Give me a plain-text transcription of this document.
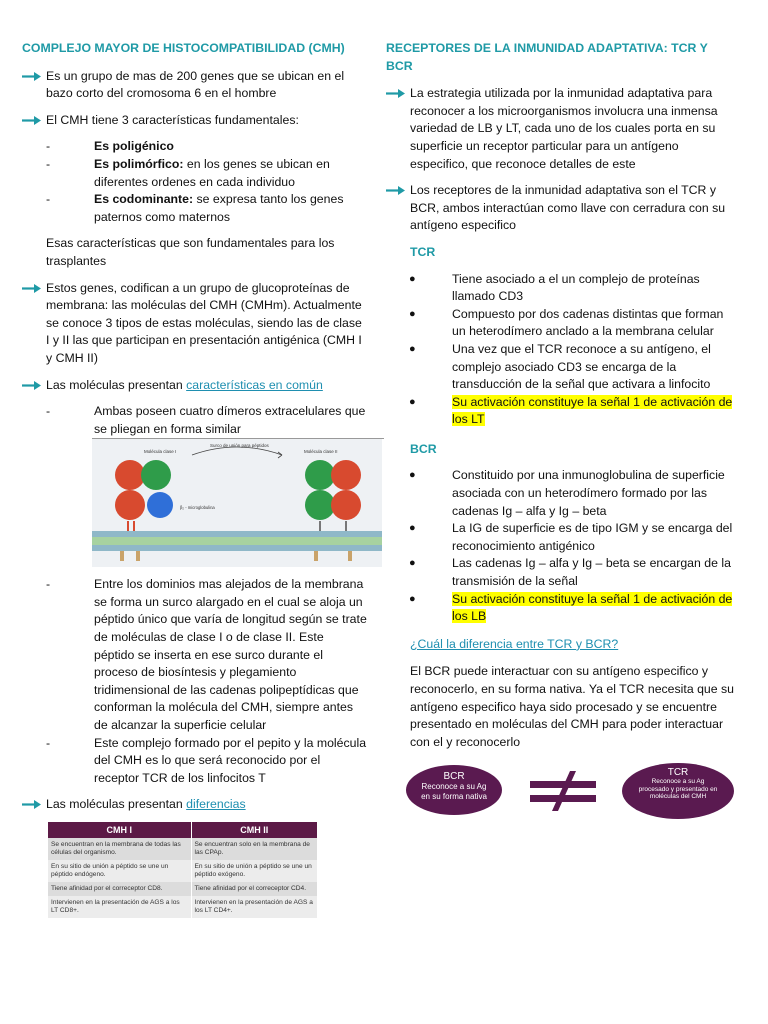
COMPLEJO MAYOR DE HISTOCOMPATIBILIDAD (CMH)
Es un grupo de mas de 200 genes que se ubican en el bazo corto del cromosoma 6 en el hombre
El CMH tiene 3 características fundamentales:
-	Es poligénico
-	Es polimórfico: en los genes se ubican en diferentes ordenes en cada individuo
-	Es codominante: se expresa tanto los genes paternos como maternos
Esas características que son fundamentales para los trasplantes
Estos genes, codifican a un grupo de glucoproteínas de membrana: las moléculas del CMH (CMHm). Actualmente se conoce 3 tipos de estas moléculas, siendo las de clase I y II las que participan en presentación antigénica (CMH I y CMH II)
Las moléculas presentan características en común
-	Ambas poseen cuatro dímeros extracelulares que se pliegan en forma similar
Molécula clase I
Surco de unión para péptidos
Molécula clase II
β₂ - microglobulina
-	Entre los dominios mas alejados de la membrana se forma un surco alargado en el cual se aloja un péptido único que varía de longitud según se trate de moléculas de clase I o de clase II. Este péptido se inserta en ese surco durante el proceso de biosíntesis y plegamiento tridimensional de las cadenas polipeptídicas que conforman la molécula del CMH, siempre antes de alcanzar la superficie celular
-	Este complejo formado por el pepito y la molécula del CMH es lo que será reconocido por el receptor TCR de los linfocitos T
Las moléculas presentan diferencias
CMH I	CMH II
Se encuentran en la membrana de todas las células del organismo.	Se encuentran solo en la membrana de las CPAp.
En su sitio de unión a péptido se une un péptido endógeno.	En su sitio de unión a péptido se une un péptido exógeno.
Tiene afinidad por el correceptor CD8.	Tiene afinidad por el correceptor CD4.
Intervienen en la presentación de AGS a los LT CD8+.	Intervienen en la presentación de AGS a los LT CD4+.
RECEPTORES DE LA INMUNIDAD ADAPTATIVA: TCR Y BCR
La estrategia utilizada por la inmunidad adaptativa para reconocer a los microorganismos involucra una inmensa variedad de LB y LT, cada uno de los cuales porta en su superficie un receptor particular para un antígeno especifico, que reconoce detalles de este
Los receptores de la inmunidad adaptativa son el TCR y BCR, ambos interactúan como llave con cerradura con su antígeno especifico
TCR
●	Tiene asociado a el un complejo de proteínas llamado CD3
●	Compuesto por dos cadenas distintas que forman un heterodímero anclado a la membrana celular
●	Una vez que el TCR reconoce a su antígeno, el complejo asociado CD3 se encarga de la transducción de la señal que activara a linfocito
●	Su activación constituye la señal 1 de activación de los LT
BCR
●	Constituido por una inmunoglobulina de superficie asociada con un heterodímero formado por las cadenas Ig – alfa y Ig – beta
●	La IG de superficie es de tipo IGM y se encarga del reconocimiento antigénico
●	Las cadenas Ig – alfa y Ig – beta se encargan de la transmisión de la señal
●	Su activación constituye la señal 1 de activación de los LB
¿Cuál la diferencia entre TCR y BCR?
El BCR puede interactuar con su antígeno especifico y reconocerlo, en su forma nativa. Ya el TCR necesita que su antígeno especifico haya sido procesado y se encuentre presentado en moléculas del CMH para poder interactuar con el y reconocerlo
BCR
Reconoce a su Ag en su forma nativa
TCR
Reconoce a su Ag procesado y presentado en moléculas del CMH
